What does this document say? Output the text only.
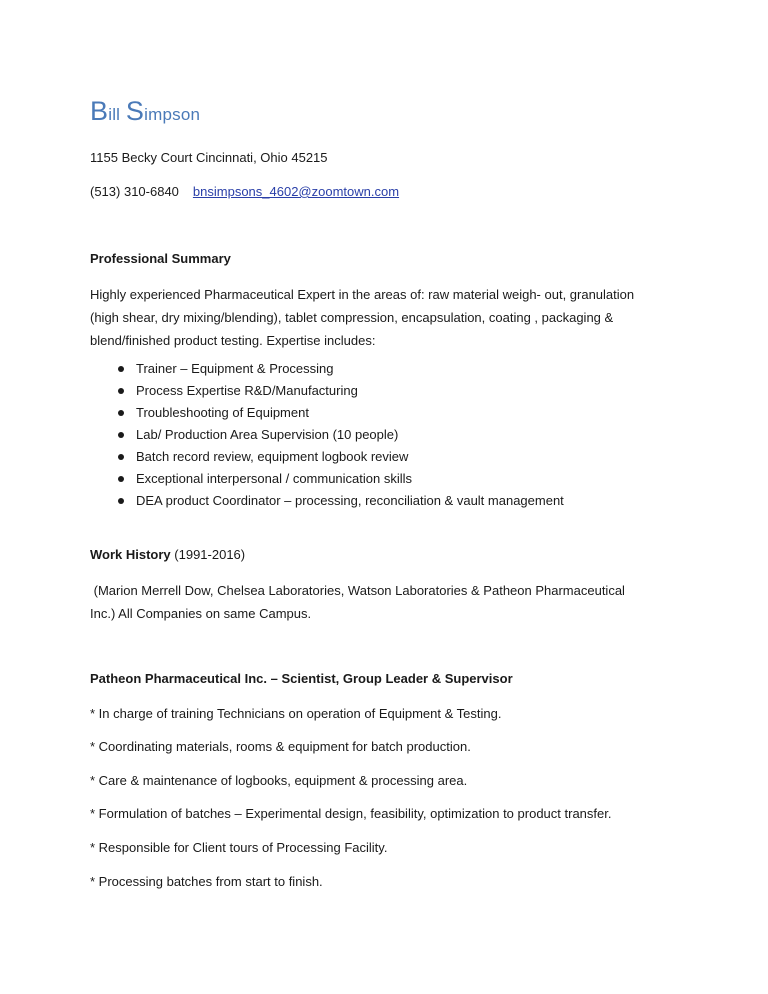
Bill Simpson
1155 Becky Court Cincinnati, Ohio 45215
(513) 310-6840 bnsimpsons_4602@zoomtown.com
Professional Summary
Highly experienced Pharmaceutical Expert in the areas of: raw material weigh- out, granulation
(high shear, dry mixing/blending), tablet compression, encapsulation, coating , packaging &
blend/finished product testing. Expertise includes:
Trainer – Equipment & Processing
Process Expertise R&D/Manufacturing
Troubleshooting of Equipment
Lab/ Production Area Supervision (10 people)
Batch record review, equipment logbook review
Exceptional interpersonal / communication skills
DEA product Coordinator – processing, reconciliation & vault management
Work History (1991-2016)
(Marion Merrell Dow, Chelsea Laboratories, Watson Laboratories & Patheon Pharmaceutical
Inc.) All Companies on same Campus.
Patheon Pharmaceutical Inc. – Scientist, Group Leader & Supervisor
* In charge of training Technicians on operation of Equipment & Testing.
* Coordinating materials, rooms & equipment for batch production.
* Care & maintenance of logbooks, equipment & processing area.
* Formulation of batches – Experimental design, feasibility, optimization to product transfer.
* Responsible for Client tours of Processing Facility.
* Processing batches from start to finish.
